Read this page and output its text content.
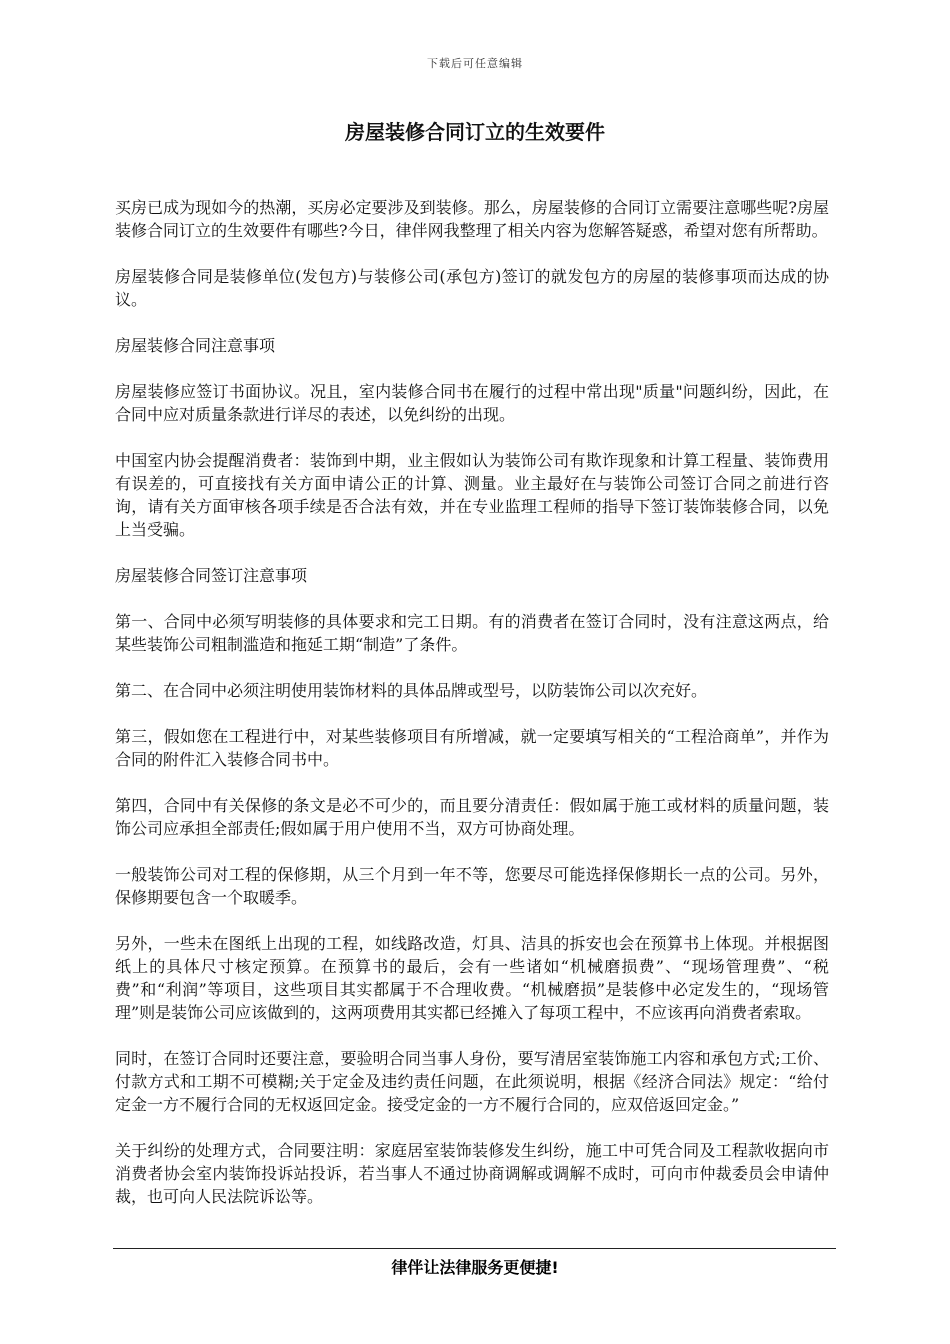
下载后可任意编辑
房屋装修合同订立的生效要件

买房已成为现如今的热潮，买房必定要涉及到装修。那么，房屋装修的合同订立需要注意哪些呢?房屋装修合同订立的生效要件有哪些?今日，律伴网我整理了相关内容为您解答疑惑，希望对您有所帮助。

房屋装修合同是装修单位(发包方)与装修公司(承包方)签订的就发包方的房屋的装修事项而达成的协议。

房屋装修合同注意事项

房屋装修应签订书面协议。况且，室内装修合同书在履行的过程中常出现"质量"问题纠纷，因此，在合同中应对质量条款进行详尽的表述，以免纠纷的出现。

中国室内协会提醒消费者：装饰到中期，业主假如认为装饰公司有欺诈现象和计算工程量、装饰费用有误差的，可直接找有关方面申请公正的计算、测量。业主最好在与装饰公司签订合同之前进行咨询，请有关方面审核各项手续是否合法有效，并在专业监理工程师的指导下签订装饰装修合同，以免上当受骗。

房屋装修合同签订注意事项

第一、合同中必须写明装修的具体要求和完工日期。有的消费者在签订合同时，没有注意这两点，给某些装饰公司粗制滥造和拖延工期“制造”了条件。

第二、在合同中必须注明使用装饰材料的具体品牌或型号，以防装饰公司以次充好。

第三，假如您在工程进行中，对某些装修项目有所增减，就一定要填写相关的“工程洽商单”，并作为合同的附件汇入装修合同书中。

第四，合同中有关保修的条文是必不可少的，而且要分清责任：假如属于施工或材料的质量问题，装饰公司应承担全部责任;假如属于用户使用不当，双方可协商处理。

一般装饰公司对工程的保修期，从三个月到一年不等，您要尽可能选择保修期长一点的公司。另外，保修期要包含一个取暖季。

另外，一些未在图纸上出现的工程，如线路改造，灯具、洁具的拆安也会在预算书上体现。并根据图纸上的具体尺寸核定预算。在预算书的最后，会有一些诸如“机械磨损费”、“现场管理费”、“税费”和“利润”等项目，这些项目其实都属于不合理收费。“机械磨损”是装修中必定发生的，“现场管理”则是装饰公司应该做到的，这两项费用其实都已经摊入了每项工程中，不应该再向消费者索取。

同时，在签订合同时还要注意，要验明合同当事人身份，要写清居室装饰施工内容和承包方式;工价、付款方式和工期不可模糊;关于定金及违约责任问题，在此须说明，根据《经济合同法》规定：“给付定金一方不履行合同的无权返回定金。接受定金的一方不履行合同的，应双倍返回定金。”

关于纠纷的处理方式，合同要注明：家庭居室装饰装修发生纠纷，施工中可凭合同及工程款收据向市消费者协会室内装饰投诉站投诉，若当事人不通过协商调解或调解不成时，可向市仲裁委员会申请仲裁，也可向人民法院诉讼等。

律伴让法律服务更便捷!
